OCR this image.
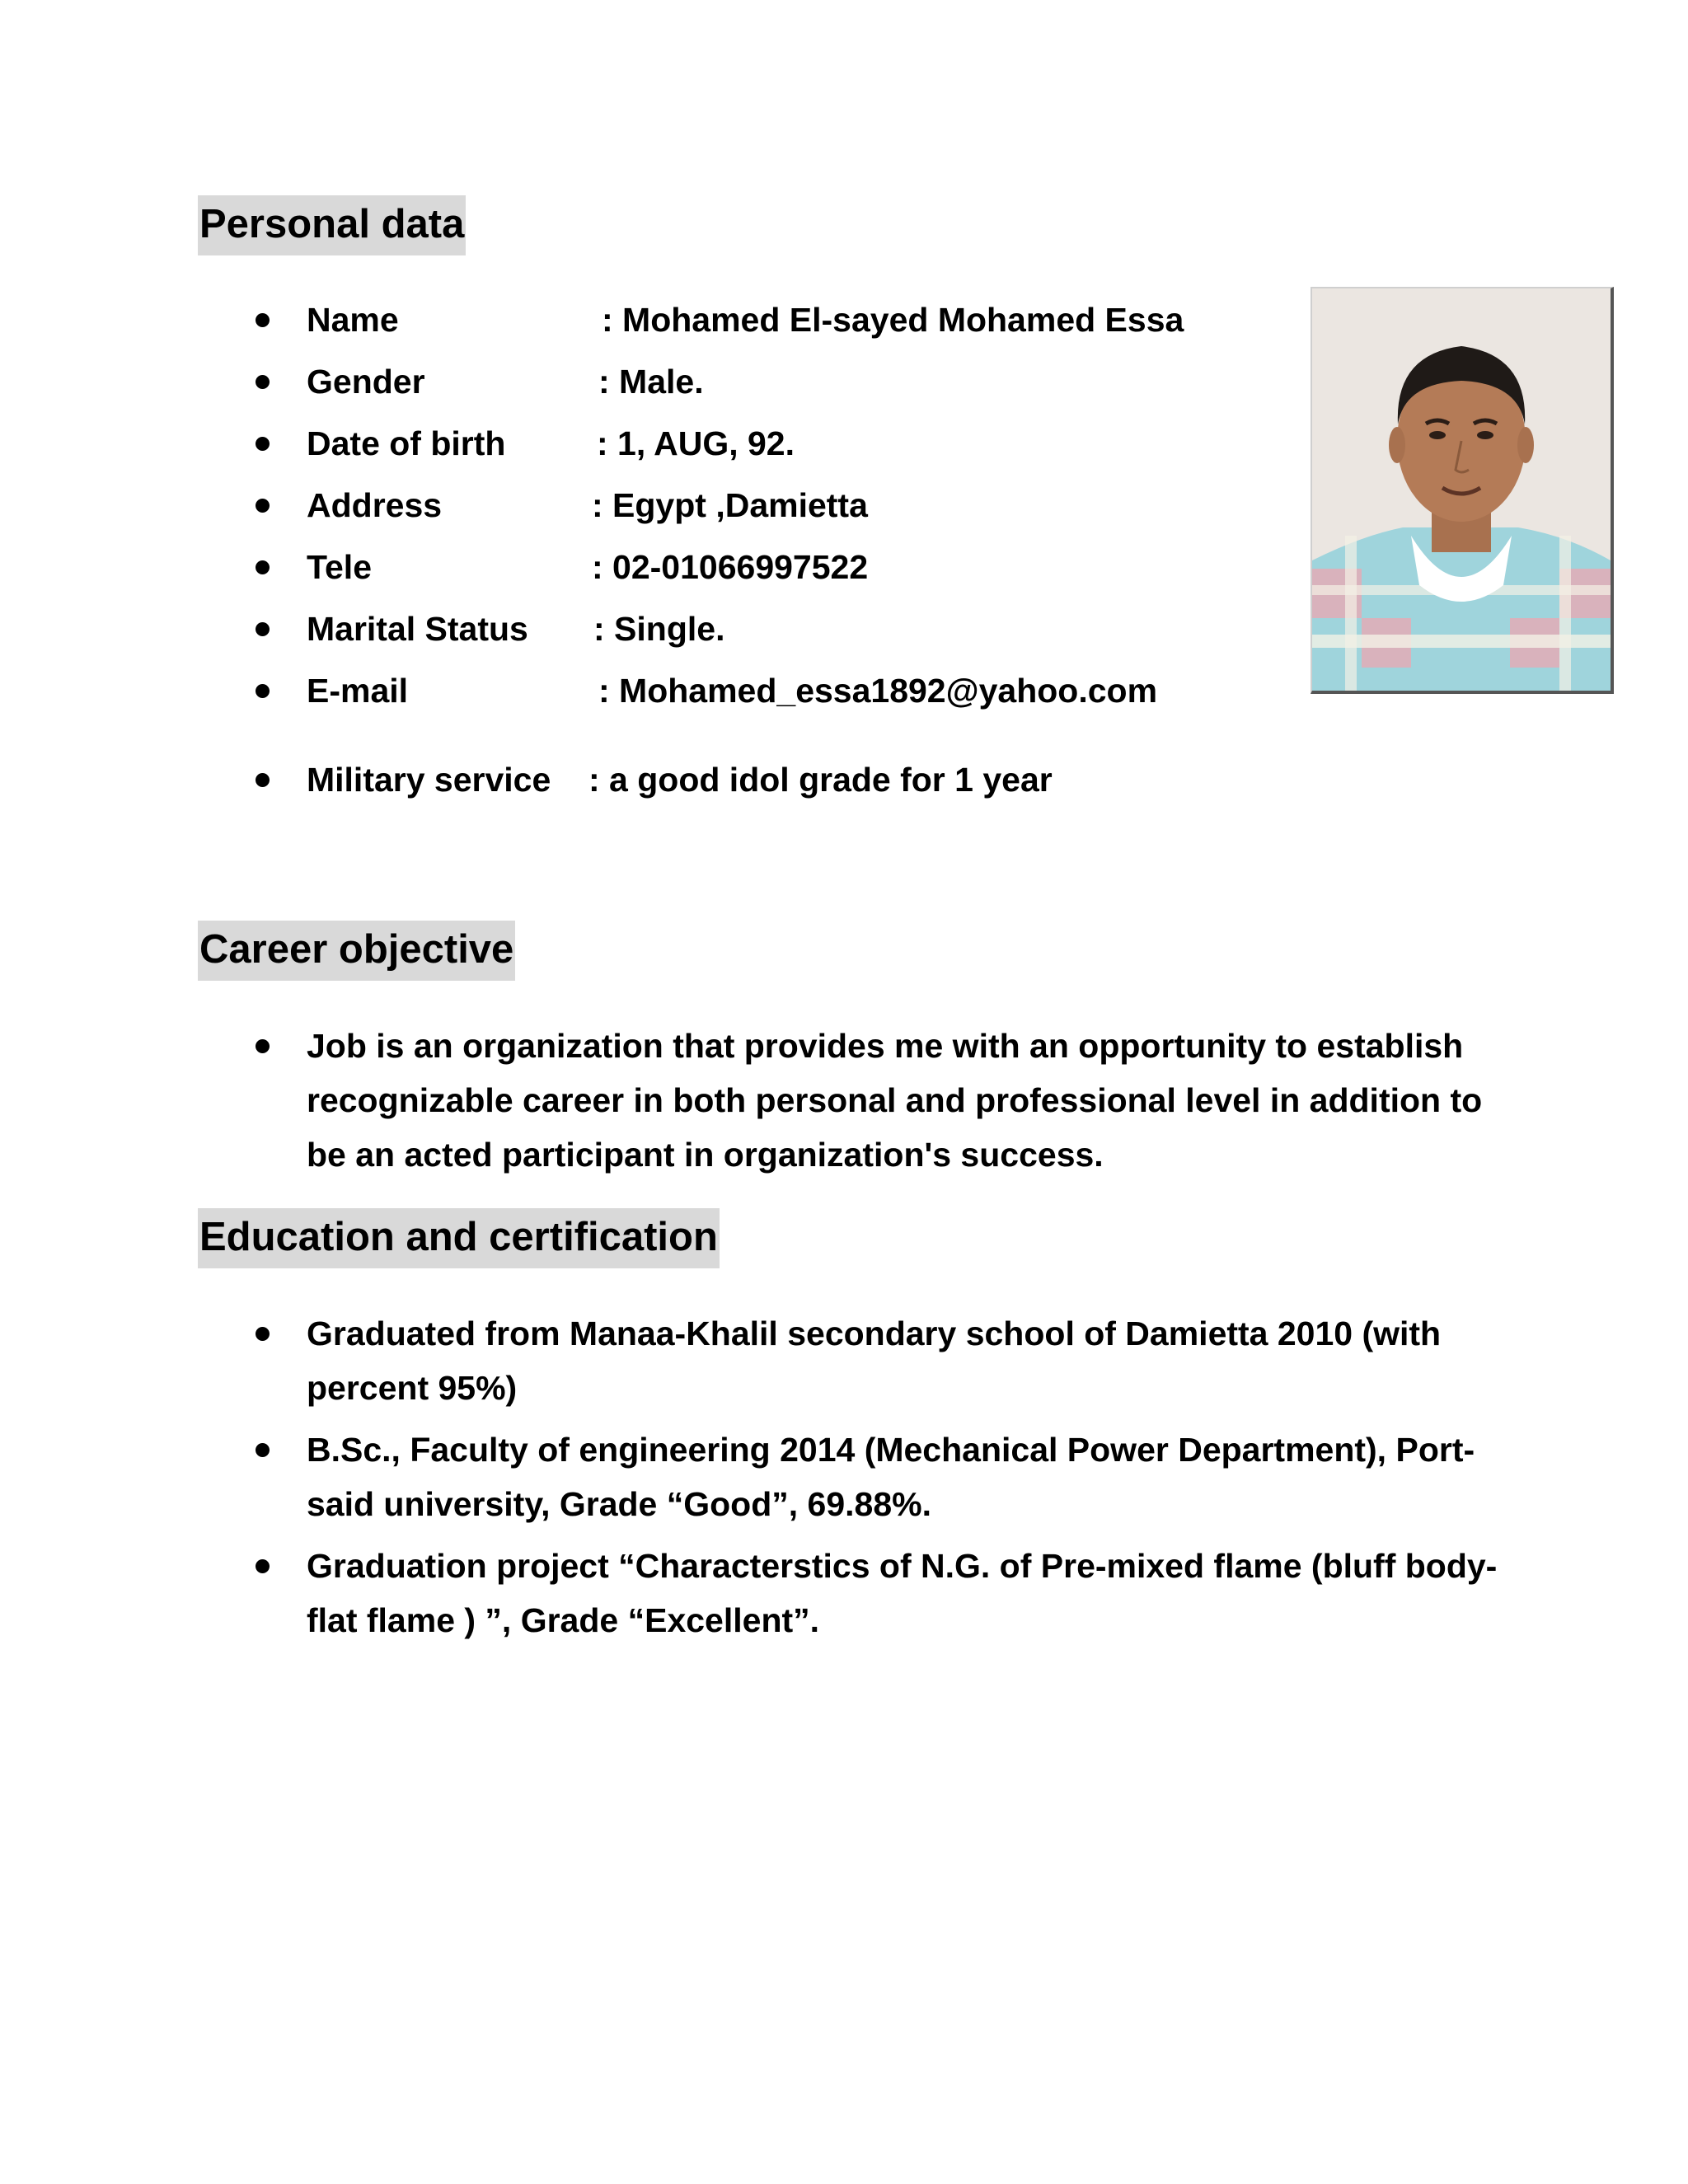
Personal data
Name	: Mohamed El-sayed Mohamed Essa
Gender	: Male.
Date of birth	: 1, AUG, 92.
Address	: Egypt ,Damietta
Tele	: 02-01066997522
Marital Status : Single.
E-mail	: Mohamed_essa1892@yahoo.com
Military service : a good idol grade for 1 year
Career objective
Job is an organization that provides me with an opportunity to establish recognizable career in both personal and professional level in addition to be an acted participant in organization's success.
Education and certification
Graduated from Manaa-Khalil secondary school of Damietta 2010 (with percent 95%)
B.Sc., Faculty of engineering 2014 (Mechanical Power Department), Port-said university, Grade “Good”, 69.88%.
Graduation project “Characterstics of N.G. of Pre-mixed flame (bluff body- flat flame ) ”, Grade “Excellent”.
